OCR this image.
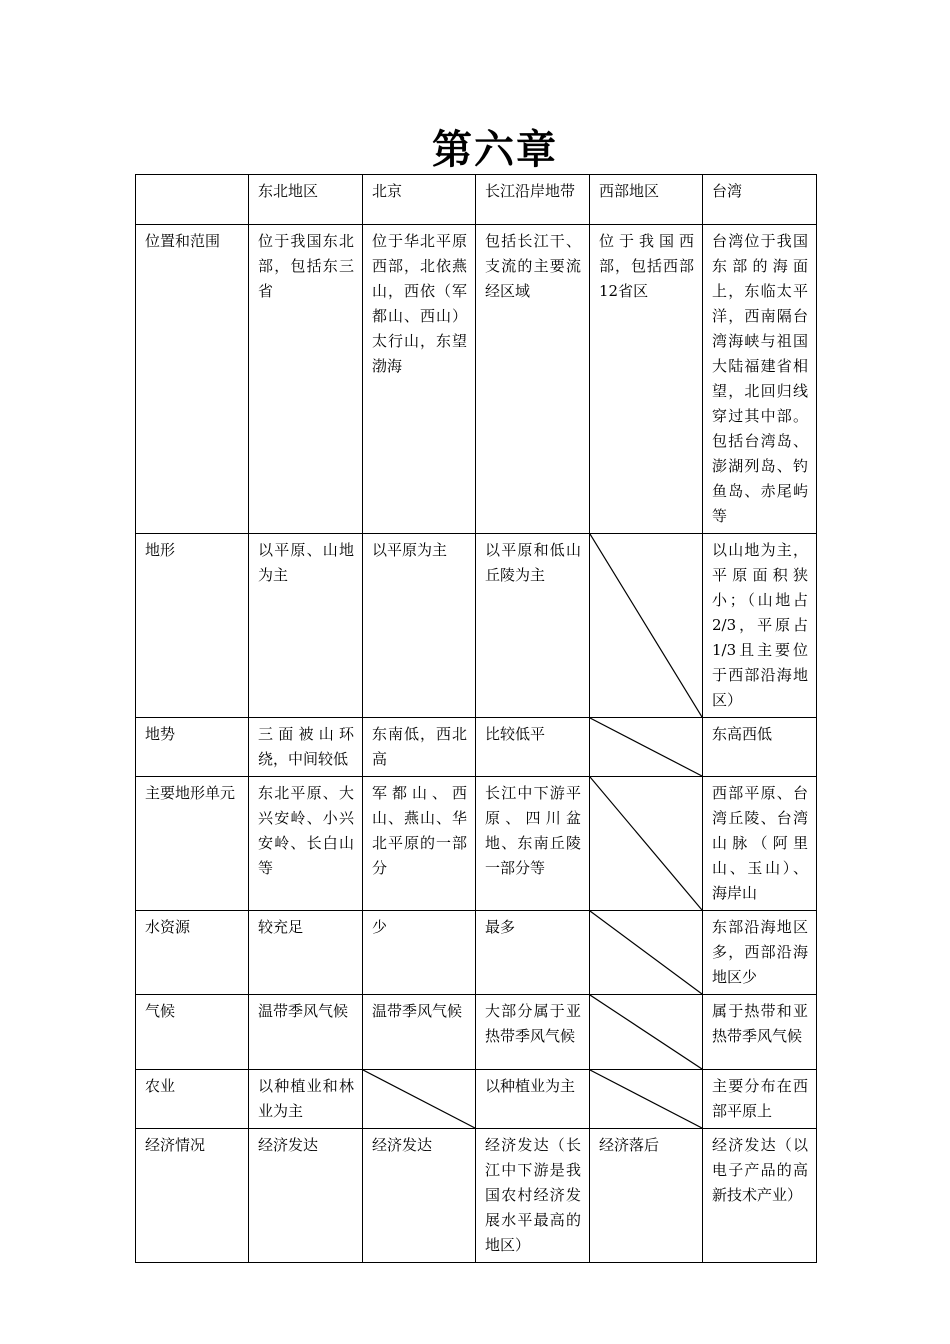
第六章
	东北地区	北京	长江沿岸地带	西部地区	台湾
位置和范围	位于我国东北部，包括东三省	位于华北平原西部，北依燕山，西依（军都山、西山）太行山，东望渤海	包括长江干、支流的主要流经区域	位于我国西部，包括西部12省区	台湾位于我国东部的海面上，东临太平洋，西南隔台湾海峡与祖国大陆福建省相望，北回归线穿过其中部。包括台湾岛、澎湖列岛、钓鱼岛、赤尾屿等
地形	以平原、山地为主	以平原为主	以平原和低山丘陵为主		以山地为主，平原面积狭小；（山地占2/3，平原占1/3且主要位于西部沿海地区）
地势	三面被山环绕，中间较低	东南低，西北高	比较低平		东高西低
主要地形单元	东北平原、大兴安岭、小兴安岭、长白山等	军都山、西山、燕山、华北平原的一部分	长江中下游平原、四川盆地、东南丘陵一部分等		西部平原、台湾丘陵、台湾山脉（阿里山、玉山）、海岸山
水资源	较充足	少	最多		东部沿海地区多，西部沿海地区少
气候	温带季风气候	温带季风气候	大部分属于亚热带季风气候		属于热带和亚热带季风气候
农业	以种植业和林业为主		以种植业为主		主要分布在西部平原上
经济情况	经济发达	经济发达	经济发达（长江中下游是我国农村经济发展水平最高的地区）	经济落后	经济发达（以电子产品的高新技术产业）
